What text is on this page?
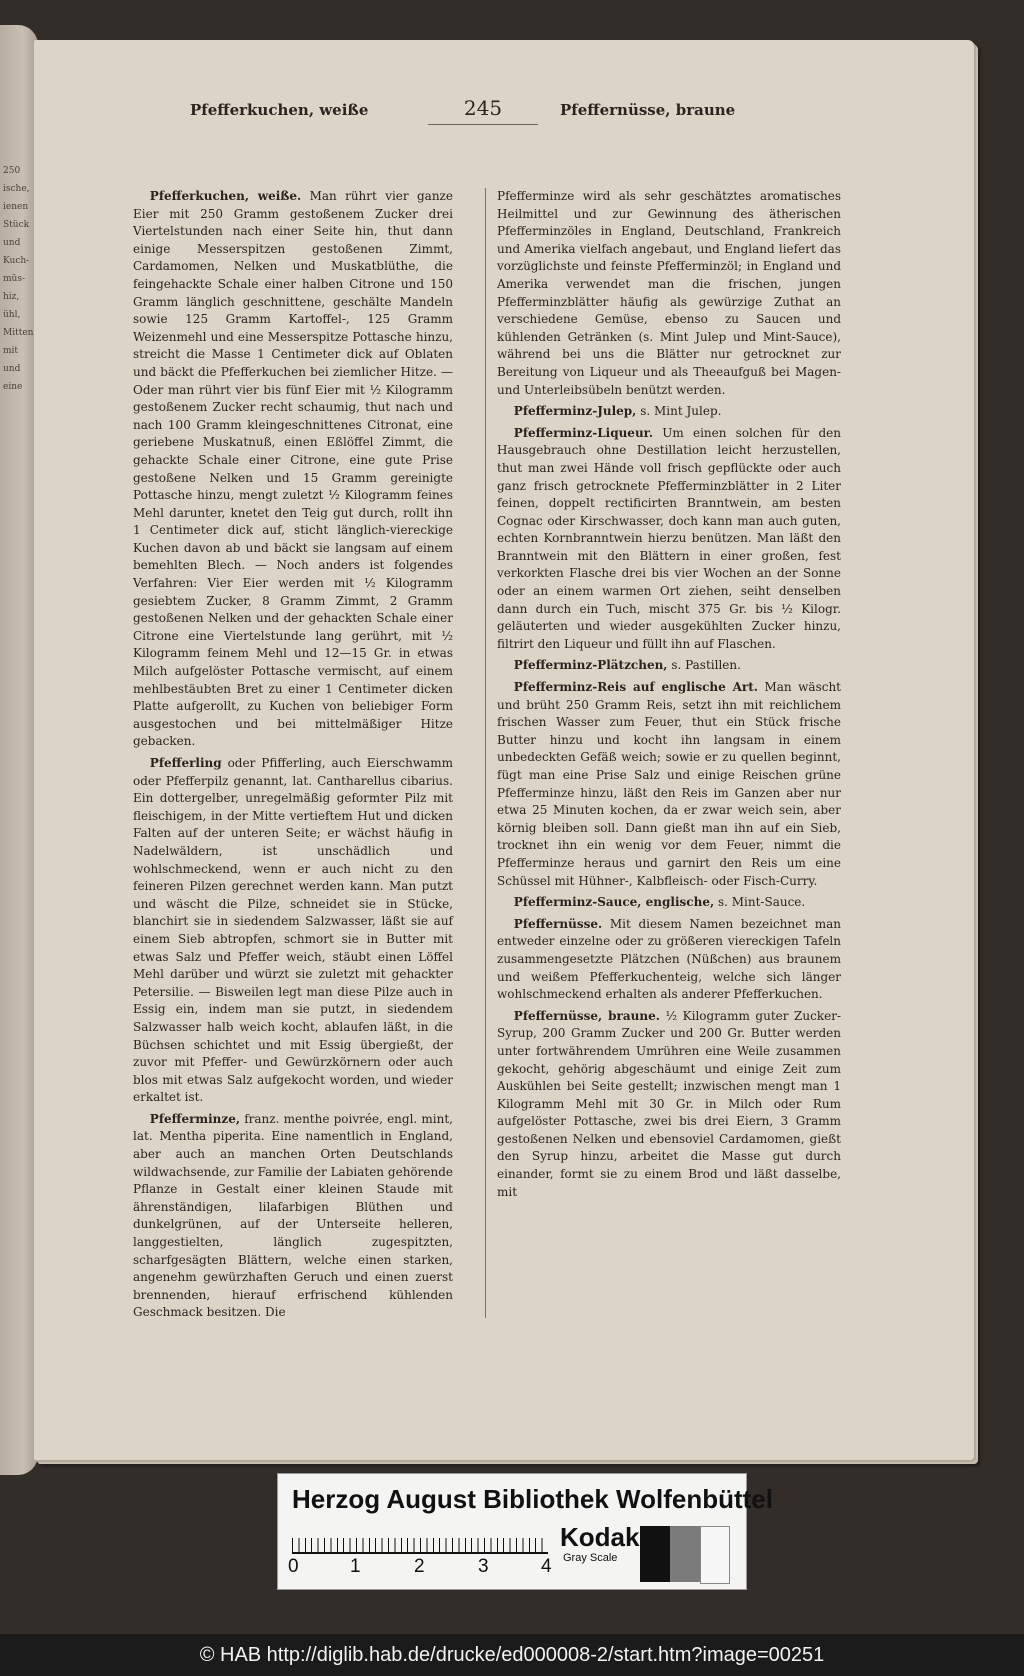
250
ische,
ienen
Stück
und
Kuch-
müs-
hiz,
ühl,
Mitten
mit
und
eine
Pfefferkuchen, weiße	245	Pfeffernüsse, braune

Pfefferkuchen, weiße. Man rührt vier ganze Eier mit 250 Gramm gestoßenem Zucker drei Viertelstunden nach einer Seite hin, thut dann einige Messerspitzen gestoßenen Zimmt, Cardamomen, Nelken und Muskatblüthe, die feingehackte Schale einer halben Citrone und 150 Gramm länglich geschnittene, geschälte Mandeln sowie 125 Gramm Kartoffel-, 125 Gramm Weizenmehl und eine Messerspitze Pottasche hinzu, streicht die Masse 1 Centimeter dick auf Oblaten und bäckt die Pfefferkuchen bei ziemlicher Hitze. — Oder man rührt vier bis fünf Eier mit ½ Kilogramm gestoßenem Zucker recht schaumig, thut nach und nach 100 Gramm kleingeschnittenes Citronat, eine geriebene Muskatnuß, einen Eßlöffel Zimmt, die gehackte Schale einer Citrone, eine gute Prise gestoßene Nelken und 15 Gramm gereinigte Pottasche hinzu, mengt zuletzt ½ Kilogramm feines Mehl darunter, knetet den Teig gut durch, rollt ihn 1 Centimeter dick auf, sticht länglich-viereckige Kuchen davon ab und bäckt sie langsam auf einem bemehlten Blech. — Noch anders ist folgendes Verfahren: Vier Eier werden mit ½ Kilogramm gesiebtem Zucker, 8 Gramm Zimmt, 2 Gramm gestoßenen Nelken und der gehackten Schale einer Citrone eine Viertelstunde lang gerührt, mit ½ Kilogramm feinem Mehl und 12—15 Gr. in etwas Milch aufgelöster Pottasche vermischt, auf einem mehlbestäubten Bret zu einer 1 Centimeter dicken Platte aufgerollt, zu Kuchen von beliebiger Form ausgestochen und bei mittelmäßiger Hitze gebacken.

Pfefferling oder Pfifferling, auch Eierschwamm oder Pfefferpilz genannt, lat. Cantharellus cibarius. Ein dottergelber, unregelmäßig geformter Pilz mit fleischigem, in der Mitte vertieftem Hut und dicken Falten auf der unteren Seite; er wächst häufig in Nadelwäldern, ist unschädlich und wohlschmeckend, wenn er auch nicht zu den feineren Pilzen gerechnet werden kann. Man putzt und wäscht die Pilze, schneidet sie in Stücke, blanchirt sie in siedendem Salzwasser, läßt sie auf einem Sieb abtropfen, schmort sie in Butter mit etwas Salz und Pfeffer weich, stäubt einen Löffel Mehl darüber und würzt sie zuletzt mit gehackter Petersilie. — Bisweilen legt man diese Pilze auch in Essig ein, indem man sie putzt, in siedendem Salzwasser halb weich kocht, ablaufen läßt, in die Büchsen schichtet und mit Essig übergießt, der zuvor mit Pfeffer- und Gewürzkörnern oder auch blos mit etwas Salz aufgekocht worden, und wieder erkaltet ist.

Pfefferminze, franz. menthe poivrée, engl. mint, lat. Mentha piperita. Eine namentlich in England, aber auch an manchen Orten Deutschlands wildwachsende, zur Familie der Labiaten gehörende Pflanze in Gestalt einer kleinen Staude mit ährenständigen, lilafarbigen Blüthen und dunkelgrünen, auf der Unterseite helleren, langgestielten, länglich zugespitzten, scharfgesägten Blättern, welche einen starken, angenehm gewürzhaften Geruch und einen zuerst brennenden, hierauf erfrischend kühlenden Geschmack besitzen. Die

Pfefferminze wird als sehr geschätztes aromatisches Heilmittel und zur Gewinnung des ätherischen Pfefferminzöles in England, Deutschland, Frankreich und Amerika vielfach angebaut, und England liefert das vorzüglichste und feinste Pfefferminzöl; in England und Amerika verwendet man die frischen, jungen Pfefferminzblätter häufig als gewürzige Zuthat an verschiedene Gemüse, ebenso zu Saucen und kühlenden Getränken (s. Mint Julep und Mint-Sauce), während bei uns die Blätter nur getrocknet zur Bereitung von Liqueur und als Theeaufguß bei Magen- und Unterleibsübeln benützt werden.

Pfefferminz-Julep, s. Mint Julep.

Pfefferminz-Liqueur. Um einen solchen für den Hausgebrauch ohne Destillation leicht herzustellen, thut man zwei Hände voll frisch gepflückte oder auch ganz frisch getrocknete Pfefferminzblätter in 2 Liter feinen, doppelt rectificirten Branntwein, am besten Cognac oder Kirschwasser, doch kann man auch guten, echten Kornbranntwein hierzu benützen. Man läßt den Branntwein mit den Blättern in einer großen, fest verkorkten Flasche drei bis vier Wochen an der Sonne oder an einem warmen Ort ziehen, seiht denselben dann durch ein Tuch, mischt 375 Gr. bis ½ Kilogr. geläuterten und wieder ausgekühlten Zucker hinzu, filtrirt den Liqueur und füllt ihn auf Flaschen.

Pfefferminz-Plätzchen, s. Pastillen.

Pfefferminz-Reis auf englische Art. Man wäscht und brüht 250 Gramm Reis, setzt ihn mit reichlichem frischen Wasser zum Feuer, thut ein Stück frische Butter hinzu und kocht ihn langsam in einem unbedeckten Gefäß weich; sowie er zu quellen beginnt, fügt man eine Prise Salz und einige Reischen grüne Pfefferminze hinzu, läßt den Reis im Ganzen aber nur etwa 25 Minuten kochen, da er zwar weich sein, aber körnig bleiben soll. Dann gießt man ihn auf ein Sieb, trocknet ihn ein wenig vor dem Feuer, nimmt die Pfefferminze heraus und garnirt den Reis um eine Schüssel mit Hühner-, Kalbfleisch- oder Fisch-Curry.

Pfefferminz-Sauce, englische, s. Mint-Sauce.

Pfeffernüsse. Mit diesem Namen bezeichnet man entweder einzelne oder zu größeren viereckigen Tafeln zusammengesetzte Plätzchen (Nüßchen) aus braunem und weißem Pfefferkuchenteig, welche sich länger wohlschmeckend erhalten als anderer Pfefferkuchen.

Pfeffernüsse, braune. ½ Kilogramm guter Zucker-Syrup, 200 Gramm Zucker und 200 Gr. Butter werden unter fortwährendem Umrühren eine Weile zusammen gekocht, gehörig abgeschäumt und einige Zeit zum Auskühlen bei Seite gestellt; inzwischen mengt man 1 Kilogramm Mehl mit 30 Gr. in Milch oder Rum aufgelöster Pottasche, zwei bis drei Eiern, 3 Gramm gestoßenen Nelken und ebensoviel Cardamomen, gießt den Syrup hinzu, arbeitet die Masse gut durch einander, formt sie zu einem Brod und läßt dasselbe, mit

Herzog August Bibliothek Wolfenbüttel
0	1	2	3	4
Kodak
Gray Scale
© HAB http://diglib.hab.de/drucke/ed000008-2/start.htm?image=00251
